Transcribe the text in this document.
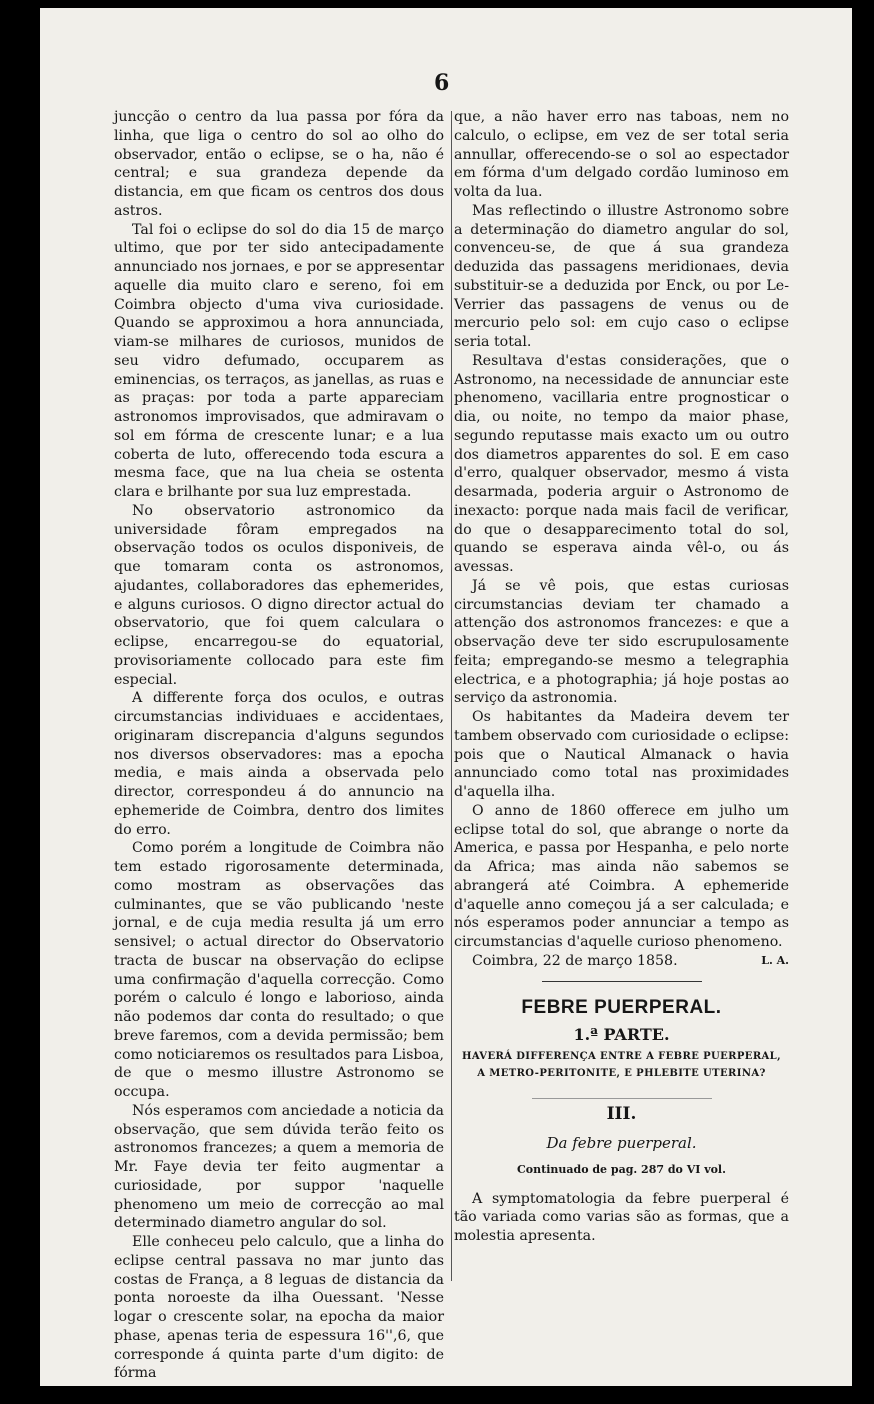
6

juncção o centro da lua passa por fóra da linha, que liga o centro do sol ao olho do observador, então o eclipse, se o ha, não é central; e sua grandeza depende da distancia, em que ficam os centros dos dous astros.

Tal foi o eclipse do sol do dia 15 de março ultimo, que por ter sido antecipadamente annunciado nos jornaes, e por se appresentar aquelle dia muito claro e sereno, foi em Coimbra objecto d'uma viva curiosidade. Quando se approximou a hora annunciada, viam-se milhares de curiosos, munidos de seu vidro defumado, occuparem as eminencias, os terraços, as janellas, as ruas e as praças: por toda a parte appareciam astronomos improvisados, que admiravam o sol em fórma de crescente lunar; e a lua coberta de luto, offerecendo toda escura a mesma face, que na lua cheia se ostenta clara e brilhante por sua luz emprestada.

No observatorio astronomico da universidade fôram empregados na observação todos os oculos disponiveis, de que tomaram conta os astronomos, ajudantes, collaboradores das ephemerides, e alguns curiosos. O digno director actual do observatorio, que foi quem calculara o eclipse, encarregou-se do equatorial, provisoriamente collocado para este fim especial.

A differente força dos oculos, e outras circumstancias individuaes e accidentaes, originaram discrepancia d'alguns segundos nos diversos observadores: mas a epocha media, e mais ainda a observada pelo director, correspondeu á do annuncio na ephemeride de Coimbra, dentro dos limites do erro.

Como porém a longitude de Coimbra não tem estado rigorosamente determinada, como mostram as observações das culminantes, que se vão publicando 'neste jornal, e de cuja media resulta já um erro sensivel; o actual director do Observatorio tracta de buscar na observação do eclipse uma confirmação d'aquella correcção. Como porém o calculo é longo e laborioso, ainda não podemos dar conta do resultado; o que breve faremos, com a devida permissão; bem como noticiaremos os resultados para Lisboa, de que o mesmo illustre Astronomo se occupa.

Nós esperamos com anciedade a noticia da observação, que sem dúvida terão feito os astronomos francezes; a quem a memoria de Mr. Faye devia ter feito augmentar a curiosidade, por suppor 'naquelle phenomeno um meio de correcção ao mal determinado diametro angular do sol.

Elle conheceu pelo calculo, que a linha do eclipse central passava no mar junto das costas de França, a 8 leguas de distancia da ponta noroeste da ilha Ouessant. 'Nesse logar o crescente solar, na epocha da maior phase, apenas teria de espessura 16'',6, que corresponde á quinta parte d'um digito: de fórma

que, a não haver erro nas taboas, nem no calculo, o eclipse, em vez de ser total seria annullar, offerecendo-se o sol ao espectador em fórma d'um delgado cordão luminoso em volta da lua.

Mas reflectindo o illustre Astronomo sobre a determinação do diametro angular do sol, convenceu-se, de que á sua grandeza deduzida das passagens meridionaes, devia substituir-se a deduzida por Enck, ou por Le-Verrier das passagens de venus ou de mercurio pelo sol: em cujo caso o eclipse seria total.

Resultava d'estas considerações, que o Astronomo, na necessidade de annunciar este phenomeno, vacillaria entre prognosticar o dia, ou noite, no tempo da maior phase, segundo reputasse mais exacto um ou outro dos diametros apparentes do sol. E em caso d'erro, qualquer observador, mesmo á vista desarmada, poderia arguir o Astronomo de inexacto: porque nada mais facil de verificar, do que o desapparecimento total do sol, quando se esperava ainda vêl-o, ou ás avessas.

Já se vê pois, que estas curiosas circumstancias deviam ter chamado a attenção dos astronomos francezes: e que a observação deve ter sido escrupulosamente feita; empregando-se mesmo a telegraphia electrica, e a photographia; já hoje postas ao serviço da astronomia.

Os habitantes da Madeira devem ter tambem observado com curiosidade o eclipse: pois que o Nautical Almanack o havia annunciado como total nas proximidades d'aquella ilha.

O anno de 1860 offerece em julho um eclipse total do sol, que abrange o norte da America, e passa por Hespanha, e pelo norte da Africa; mas ainda não sabemos se abrangerá até Coimbra. A ephemeride d'aquelle anno começou já a ser calculada; e nós esperamos poder annunciar a tempo as circumstancias d'aquelle curioso phenomeno.

Coimbra, 22 de março 1858.	L. A.

FEBRE PUERPERAL.
1.ª PARTE.
HAVERÁ DIFFERENÇA ENTRE A FEBRE PUERPERAL,
A METRO-PERITONITE, E PHLEBITE UTERINA?
III.
Da febre puerperal.
Continuado de pag. 287 do VI vol.

A symptomatologia da febre puerperal é tão variada como varias são as formas, que a molestia apresenta.
